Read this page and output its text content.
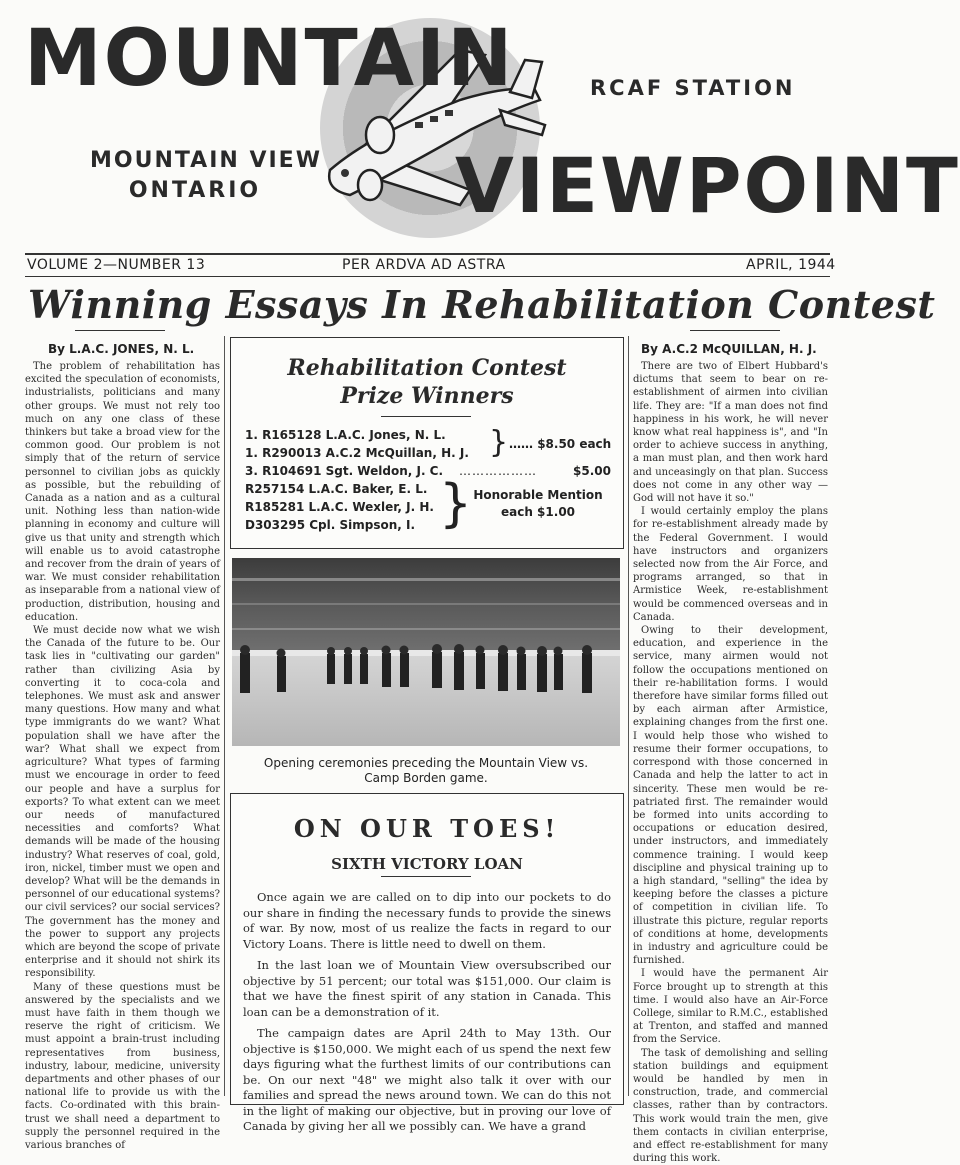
MOUNTAIN
VIEWPOINT
RCAF STATION
MOUNTAIN VIEW
ONTARIO
VOLUME 2—NUMBER 13	PER ARDVA AD ASTRA	APRIL, 1944
Winning Essays In Rehabilitation Contest
By L.A.C. JONES, N. L.

The problem of rehabilitation has excited the speculation of economists, industrialists, politicians and many other groups. We must not rely too much on any one class of these thinkers but take a broad view for the common good. Our problem is not simply that of the return of service personnel to civilian jobs as quickly as possible, but the rebuilding of Canada as a nation and as a cultural unit. Nothing less than nation-wide planning in economy and culture will give us that unity and strength which will enable us to avoid catastrophe and recover from the drain of years of war. We must consider rehabilitation as inseparable from a national view of production, distribution, housing and education.

We must decide now what we wish the Canada of the future to be. Our task lies in "cultivating our garden" rather than civilizing Asia by converting it to coca-cola and telephones. We must ask and answer many questions. How many and what type immigrants do we want? What population shall we have after the war? What shall we expect from agriculture? What types of farming must we encourage in order to feed our people and have a surplus for exports? To what extent can we meet our needs of manufactured necessities and comforts? What demands will be made of the housing industry? What reserves of coal, gold, iron, nickel, timber must we open and develop? What will be the demands in personnel of our educational systems? our civil services? our social services? The government has the money and the power to support any projects which are beyond the scope of private enterprise and it should not shirk its responsibility.

Many of these questions must be answered by the specialists and we must have faith in them though we reserve the right of criticism. We must appoint a brain-trust including representatives from business, industry, labour, medicine, university departments and other phases of our national life to provide us with the facts. Co-ordinated with this brain-trust we shall need a department to supply the personnel required in the various branches of

Rehabilitation Contest
Prize Winners
1. R165128 L.A.C. Jones, N. L.
1. R290013 A.C.2 McQuillan, H. J. } …… $8.50 each
3. R104691 Sgt. Weldon, J. C. ………………	$5.00
R257154 L.A.C. Baker, E. L.
R185281 L.A.C. Wexler, J. H.
D303295 Cpl. Simpson, I. } Honorable Mention
each $1.00
Opening ceremonies preceding the Mountain View vs.
Camp Borden game.
ON OUR TOES!
SIXTH VICTORY LOAN

Once again we are called on to dip into our pockets to do our share in finding the necessary funds to provide the sinews of war. By now, most of us realize the facts in regard to our Victory Loans. There is little need to dwell on them.

In the last loan we of Mountain View oversubscribed our objective by 51 percent; our total was $151,000. Our claim is that we have the finest spirit of any station in Canada. This loan can be a demonstration of it.

The campaign dates are April 24th to May 13th. Our objective is $150,000. We might each of us spend the next few days figuring what the furthest limits of our contributions can be. On our next "48" we might also talk it over with our families and spread the news around town. We can do this not in the light of making our objective, but in proving our love of Canada by giving her all we possibly can. We have a grand

By A.C.2 McQUILLAN, H. J.

There are two of Elbert Hubbard's dictums that seem to bear on re-establishment of airmen into civilian life. They are: "If a man does not find happiness in his work, he will never know what real happiness is", and "In order to achieve success in anything, a man must plan, and then work hard and unceasingly on that plan. Success does not come in any other way — God will not have it so."

I would certainly employ the plans for re-establishment already made by the Federal Government. I would have instructors and organizers selected now from the Air Force, and programs arranged, so that in Armistice Week, re-establishment would be commenced overseas and in Canada.

Owing to their development, education, and experience in the service, many airmen would not follow the occupations mentioned on their re-habilitation forms. I would therefore have similar forms filled out by each airman after Armistice, explaining changes from the first one. I would help those who wished to resume their former occupations, to correspond with those concerned in Canada and help the latter to act in sincerity. These men would be re-patriated first. The remainder would be formed into units according to occupations or education desired, under instructors, and immediately commence training. I would keep discipline and physical training up to a high standard, "selling" the idea by keeping before the classes a picture of competition in civilian life. To illustrate this picture, regular reports of conditions at home, developments in industry and agriculture could be furnished.

I would have the permanent Air Force brought up to strength at this time. I would also have an Air-Force College, similar to R.M.C., established at Trenton, and staffed and manned from the Service.

The task of demolishing and selling station buildings and equipment would be handled by men in construction, trade, and commercial classes, rather than by contractors. This work would train the men, give them contacts in civilian enterprise, and effect re-establishment for many during this work.
